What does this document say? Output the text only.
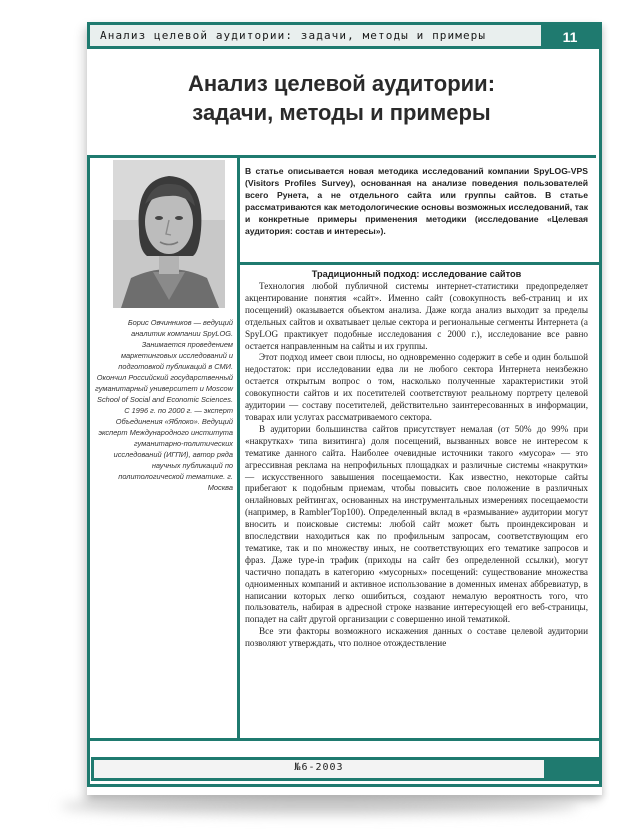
Анализ целевой аудитории: задачи, методы и примеры	11
Анализ целевой аудитории:
задачи, методы и примеры
Борис Овчинников — ведущий аналитик компании SpyLOG. Занимается проведением маркетинговых исследований и подготовкой публикаций в СМИ. Окончил Российский государственный гуманитарный университет и Moscow School of Social and Economic Sciences. С 1996 г. по 2000 г. — эксперт Объединения «Яблоко». Ведущий эксперт Международного института гуманитарно-политических исследований (ИГПИ), автор ряда научных публикаций по политологической тематике. г. Москва
В статье описывается новая методика исследований компании SpyLOG-VPS (Visitors Profiles Survey), основанная на анализе поведения пользователей всего Рунета, а не отдельного сайта или группы сайтов. В статье рассматриваются как методологические основы возможных исследований, так и конкретные примеры применения методики (исследование «Целевая аудитория: состав и интересы»).
Традиционный подход: исследование сайтов

Технология любой публичной системы интернет-статистики предопределяет акцентирование понятия «сайт». Именно сайт (совокупность веб-страниц и их посещений) оказывается объектом анализа. Даже когда анализ выходит за пределы отдельных сайтов и охватывает целые сектора и региональные сегменты Интернета (а SpyLOG практикует подобные исследования с 2000 г.), исследование все равно остается направленным на сайты и их группы.

Этот подход имеет свои плюсы, но одновременно содержит в себе и один большой недостаток: при исследовании едва ли не любого сектора Интернета неизбежно остается открытым вопрос о том, насколько полученные характеристики этой совокупности сайтов и их посетителей соответствуют реальному портрету целевой аудитории — составу посетителей, действительно заинтересованных в информации, товарах или услугах рассматриваемого сектора.

В аудитории большинства сайтов присутствует немалая (от 50% до 99% при «накрутках» типа визитинга) доля посещений, вызванных вовсе не интересом к тематике данного сайта. Наиболее очевидные источники такого «мусора» — это агрессивная реклама на непрофильных площадках и различные системы «накрутки» — искусственного завышения посещаемости. Как известно, некоторые сайты прибегают к подобным приемам, чтобы повысить свое положение в различных онлайновых рейтингах, основанных на инструментальных измерениях посещаемости (например, в Rambler'Top100). Определенный вклад в «размывание» аудитории могут вносить и поисковые системы: любой сайт может быть проиндексирован и впоследствии находиться как по профильным запросам, соответствующим его тематике, так и по множеству иных, не соответствующих его тематике запросов и фраз. Даже type-in трафик (приходы на сайт без определенной ссылки), могут частично попадать в категорию «мусорных» посещений: существование множества одноименных компаний и активное использование в доменных именах аббревиатур, в написании которых легко ошибиться, создают немалую вероятность того, что пользователь, набирая в адресной строке название интересующей его веб-страницы, попадет на сайт другой организации с совершенно иной тематикой.

Все эти факторы возможного искажения данных о составе целевой аудитории позволяют утверждать, что полное отождествление

№6-2003
